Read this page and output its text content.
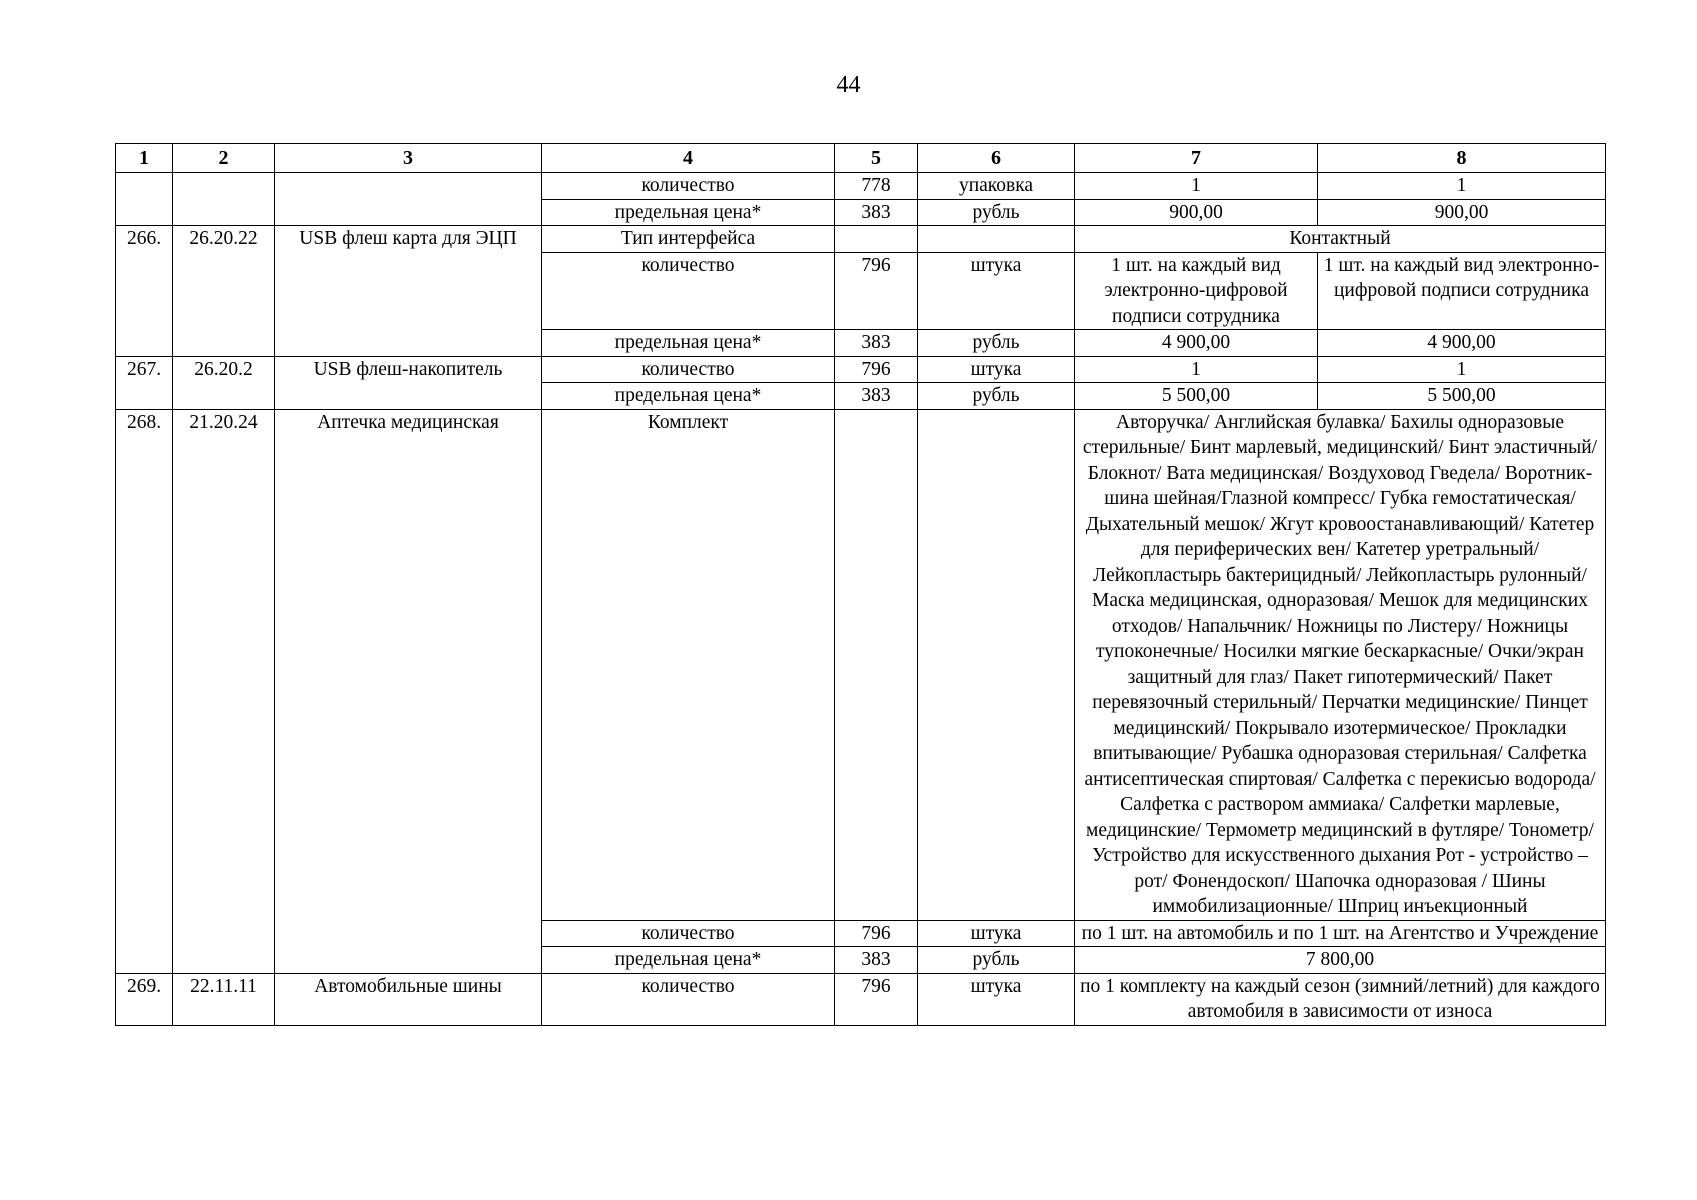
44
1	2	3	4	5	6	7	8
			количество	778	упаковка	1	1
			предельная цена*	383	рубль	900,00	900,00
266.	26.20.22	USB флеш карта для ЭЦП	Тип интерфейса			Контактный	
			количество	796	штука	1 шт. на каждый вид электронно-цифровой подписи сотрудника	1 шт. на каждый вид электронно-цифровой подписи сотрудника
			предельная цена*	383	рубль	4 900,00	4 900,00
267.	26.20.2	USB флеш-накопитель	количество	796	штука	1	1
			предельная цена*	383	рубль	5 500,00	5 500,00
268.	21.20.24	Аптечка медицинская	Комплект			Авторучка/ Английская булавка/ Бахилы одноразовые стерильные/ Бинт марлевый, медицинский/ Бинт эластичный/ Блокнот/ Вата медицинская/ Воздуховод Гведела/ Воротник-шина шейная/Глазной компресс/ Губка гемостатическая/ Дыхательный мешок/ Жгут кровоостанавливающий/ Катетер для периферических вен/ Катетер уретральный/ Лейкопластырь бактерицидный/ Лейкопластырь рулонный/ Маска медицинская, одноразовая/ Мешок для медицинских отходов/ Напальчник/ Ножницы по Листеру/ Ножницы тупоконечные/ Носилки мягкие бескаркасные/ Очки/экран защитный для глаз/ Пакет гипотермический/ Пакет перевязочный стерильный/ Перчатки медицинские/ Пинцет медицинский/ Покрывало изотермическое/ Прокладки впитывающие/ Рубашка одноразовая стерильная/ Салфетка антисептическая спиртовая/ Салфетка с перекисью водорода/ Салфетка с раствором аммиака/ Салфетки марлевые, медицинские/ Термометр медицинский в футляре/ Тонометр/ Устройство для искусственного дыхания Рот - устройство – рот/ Фонендоскоп/ Шапочка одноразовая / Шины иммобилизационные/ Шприц инъекционный	
			количество	796	штука	по 1 шт. на автомобиль и по 1 шт. на Агентство и Учреждение	
			предельная цена*	383	рубль	7 800,00	
269.	22.11.11	Автомобильные шины	количество	796	штука	по 1 комплекту на каждый сезон (зимний/летний) для каждого автомобиля в зависимости от износа	
